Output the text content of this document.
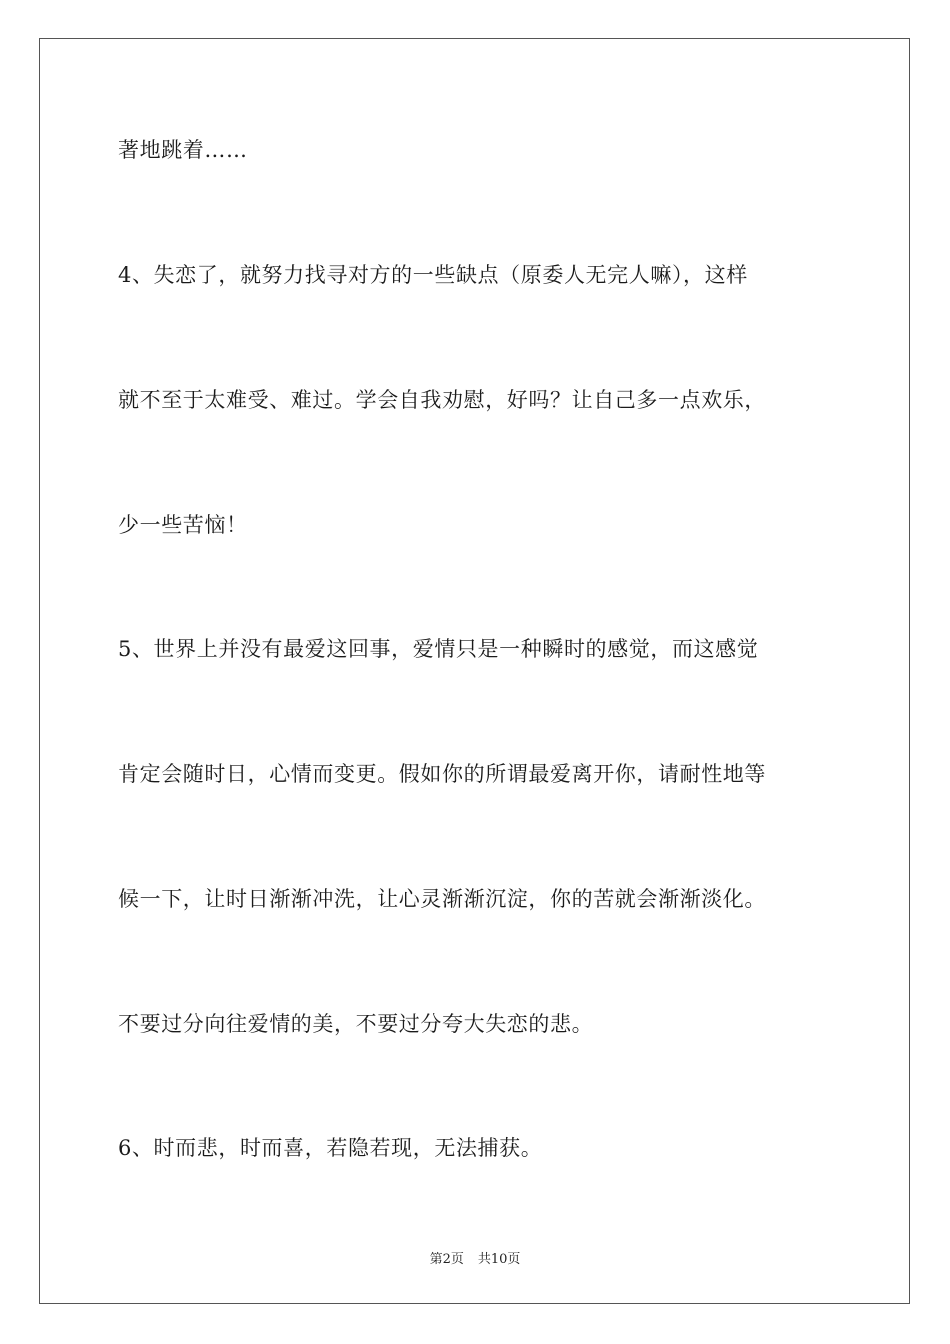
著地跳着……
4、失恋了，就努力找寻对方的一些缺点（原委人无完人嘛），这样
就不至于太难受、难过。学会自我劝慰，好吗？让自己多一点欢乐，
少一些苦恼！
5、世界上并没有最爱这回事，爱情只是一种瞬时的感觉，而这感觉
肯定会随时日，心情而变更。假如你的所谓最爱离开你，请耐性地等
候一下，让时日渐渐冲洗，让心灵渐渐沉淀，你的苦就会渐渐淡化。
不要过分向往爱情的美，不要过分夸大失恋的悲。
6、时而悲，时而喜，若隐若现，无法捕获。
第2页 共10页
